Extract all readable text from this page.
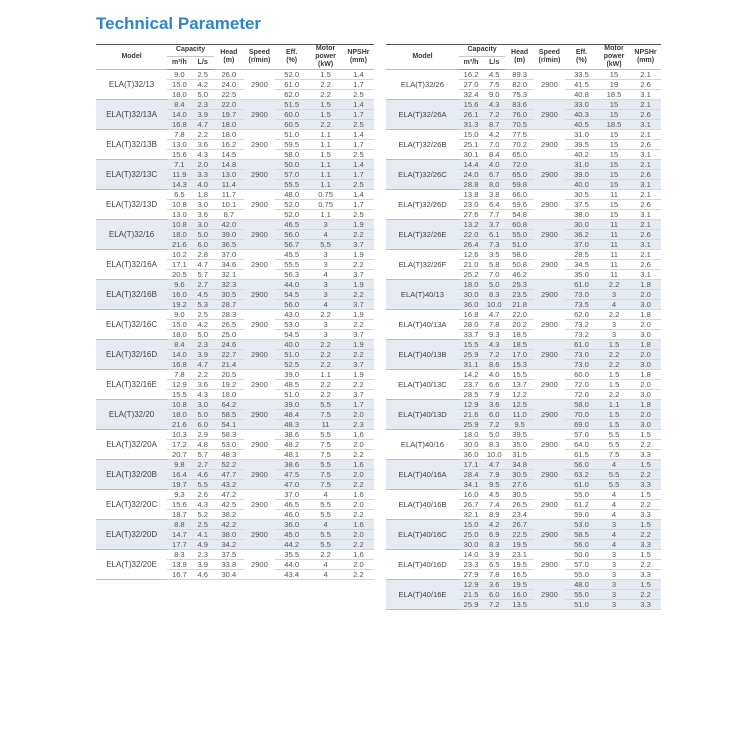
Technical Parameter
Model	Capacity		Head
(m)	Speed
(r/min)	Eff.
(%)	Motor
power
(kW)	NPSHr
(mm)
	m³/h	L/s					
ELA(T)32/13	9.0	2.5	26.0	2900	52.0	1.5	1.4
	15.0	4.2	24.0		61.0	2.2	1.7
	18.0	5.0	22.5		62.0	2.2	2.5
ELA(T)32/13A	8.4	2.3	22.0	2900	51.5	1.5	1.4
	14.0	3.9	19.7		60.0	1.5	1.7
	16.8	4.7	18.0		60.5	2.2	2.5
ELA(T)32/13B	7.8	2.2	18.0	2900	51.0	1.1	1.4
	13.0	3.6	16.2		59.5	1.1	1.7
	15.6	4.3	14.5		58.0	1.5	2.5
ELA(T)32/13C	7.1	2.0	14.8	2900	50.0	1.1	1.4
	11.9	3.3	13.0		57.0	1.1	1.7
	14.3	4.0	11.4		55.5	1.1	2.5
ELA(T)32/13D	6.5	1.8	11.7	2900	48.0	0.75	1.4
	10.8	3.0	10.1		52.0	0.75	1.7
	13.0	3.6	8.7		52.0	1.1	2.5
ELA(T)32/16	10.8	3.0	42.0	2900	46.5	3	1.9
	18.0	5.0	39.0		56.0	4	2.2
	21.6	6.0	36.5		56.7	5.5	3.7
ELA(T)32/16A	10.2	2.8	37.0	2900	45.5	3	1.9
	17.1	4.7	34.6		55.5	3	2.2
	20.5	5.7	32.1		56.3	4	3.7
ELA(T)32/16B	9.6	2.7	32.3	2900	44.0	3	1.9
	16.0	4.5	30.5		54.5	3	2.2
	19.2	5.3	28.7		56.0	4	3.7
ELA(T)32/16C	9.0	2.5	28.3	2900	43.0	2.2	1.9
	15.0	4.2	26.5		53.0	3	2.2
	18.0	5.0	25.0		54.5	3	3.7
ELA(T)32/16D	8.4	2.3	24.6	2900	40.0	2.2	1.9
	14.0	3.9	22.7		51.0	2.2	2.2
	16.8	4.7	21.4		52.5	2.2	3.7
ELA(T)32/16E	7.8	2.2	20.5	2900	39.0	1.1	1.9
	12.9	3.6	19.2		48.5	2.2	2.2
	15.5	4.3	18.0		51.0	2.2	3.7
ELA(T)32/20	10.8	3.0	64.2	2900	39.0	5.5	1.7
	18.0	5.0	58.5		48.4	7.5	2.0
	21.6	6.0	54.1		48.3	11	2.3
ELA(T)32/20A	10.3	2.9	58.3	2900	38.6	5.5	1.6
	17.2	4.8	53.0		48.2	7.5	2.0
	20.7	5.7	48.3		48.1	7.5	2.2
ELA(T)32/20B	9.8	2.7	52.2	2900	38.6	5.5	1.6
	16.4	4.6	47.7		47.5	7.5	2.0
	19.7	5.5	43.2		47.0	7.5	2.2
ELA(T)32/20C	9.3	2.6	47.2	2900	37.0	4	1.6
	15.6	4.3	42.5		46.5	5.5	2.0
	18.7	5.2	38.2		46.0	5.5	2.2
ELA(T)32/20D	8.8	2.5	42.2	2900	36.0	4	1.6
	14.7	4.1	38.0		45.0	5.5	2.0
	17.7	4.9	34.2		44.2	5.5	2.2
ELA(T)32/20E	8.3	2.3	37.5	2900	35.5	2.2	1.6
	13.9	3.9	33.8		44.0	4	2.0
	16.7	4.6	30.4		43.4	4	2.2
Model	Capacity		Head
(m)	Speed
(r/min)	Eff.
(%)	Motor
power
(kW)	NPSHr
(mm)
	m³/h	L/s					
ELA(T)32/26	16.2	4.5	89.3	2900	33.5	15	2.1
	27.0	7.5	82.0		41.5	19	2.6
	32.4	9.0	75.3		40.8	18.5	3.1
ELA(T)32/26A	15.6	4.3	83.6	2900	33.0	15	2.1
	26.1	7.2	76.0		40.3	15	2.6
	31.3	8.7	70.5		40.5	18.5	3.1
ELA(T)32/26B	15.0	4.2	77.5	2900	31.0	15	2.1
	25.1	7.0	70.2		39.5	15	2.6
	30.1	8.4	65.0		40.2	15	3.1
ELA(T)32/26C	14.4	4.0	72.0	2900	31.0	15	2.1
	24.0	6.7	65.0		39.0	15	2.6
	28.8	8.0	59.8		40.0	15	3.1
ELA(T)32/26D	13.8	3.8	66.0	2900	30.5	11	2.1
	23.0	6.4	59.6		37.5	15	2.6
	27.6	7.7	54.8		38.0	15	3.1
ELA(T)32/26E	13.2	3.7	60.8	2900	30.0	11	2.1
	22.0	6.1	55.0		36.2	11	2.6
	26.4	7.3	51.0		37.0	11	3.1
ELA(T)32/26F	12.6	3.5	58.0	2900	28.5	11	2.1
	21.0	5.8	50.8		34.5	11	2.6
	25.2	7.0	46.2		35.0	11	3.1
ELA(T)40/13	18.0	5.0	25.3	2900	61.0	2.2	1.8
	30.0	8.3	23.5		73.0	3	2.0
	36.0	10.0	21.8		73.5	4	3.0
ELA(T)40/13A	16.8	4.7	22.0	2900	62.0	2.2	1.8
	28.0	7.8	20.2		73.2	3	2.0
	33.7	9.3	18.5		73.2	3	3.0
ELA(T)40/13B	15.5	4.3	18.5	2900	61.0	1.5	1.8
	25.9	7.2	17.0		73.0	2.2	2.0
	31.1	8.6	15.3		73.0	2.2	3.0
ELA(T)40/13C	14.2	4.0	15.5	2900	60.0	1.5	1.8
	23.7	6.6	13.7		72.0	1.5	2.0
	28.5	7.9	12.2		72.0	2.2	3.0
ELA(T)40/13D	12.9	3.6	12.5	2900	58.0	1.1	1.8
	21.6	6.0	11.0		70.0	1.5	2.0
	25.9	7.2	9.5		69.0	1.5	3.0
ELA(T)40/16	18.0	5.0	39.5	2900	57.0	5.5	1.5
	30.0	8.3	35.0		64.0	5.5	2.2
	36.0	10.0	31.5		61.5	7.5	3.3
ELA(T)40/16A	17.1	4.7	34.8	2900	56.0	4	1.5
	28.4	7.9	30.5		63.2	5.5	2.2
	34.1	9.5	27.6		61.0	5.5	3.3
ELA(T)40/16B	16.0	4.5	30.5	2900	55.0	4	1.5
	26.7	7.4	26.5		61.2	4	2.2
	32.1	8.9	23.4		59.0	4	3.3
ELA(T)40/16C	15.0	4.2	26.7	2900	53.0	3	1.5
	25.0	6.9	22.5		58.5	4	2.2
	30.0	8.3	19.5		56.0	4	3.3
ELA(T)40/16D	14.0	3.9	23.1	2900	50.0	3	1.5
	23.3	6.5	19.5		57.0	3	2.2
	27.9	7.8	16.5		55.0	3	3.3
ELA(T)40/16E	12.9	3.6	19.5	2900	48.0	3	1.5
	21.5	6.0	16.0		55.0	3	2.2
	25.9	7.2	13.5		51.0	3	3.3
